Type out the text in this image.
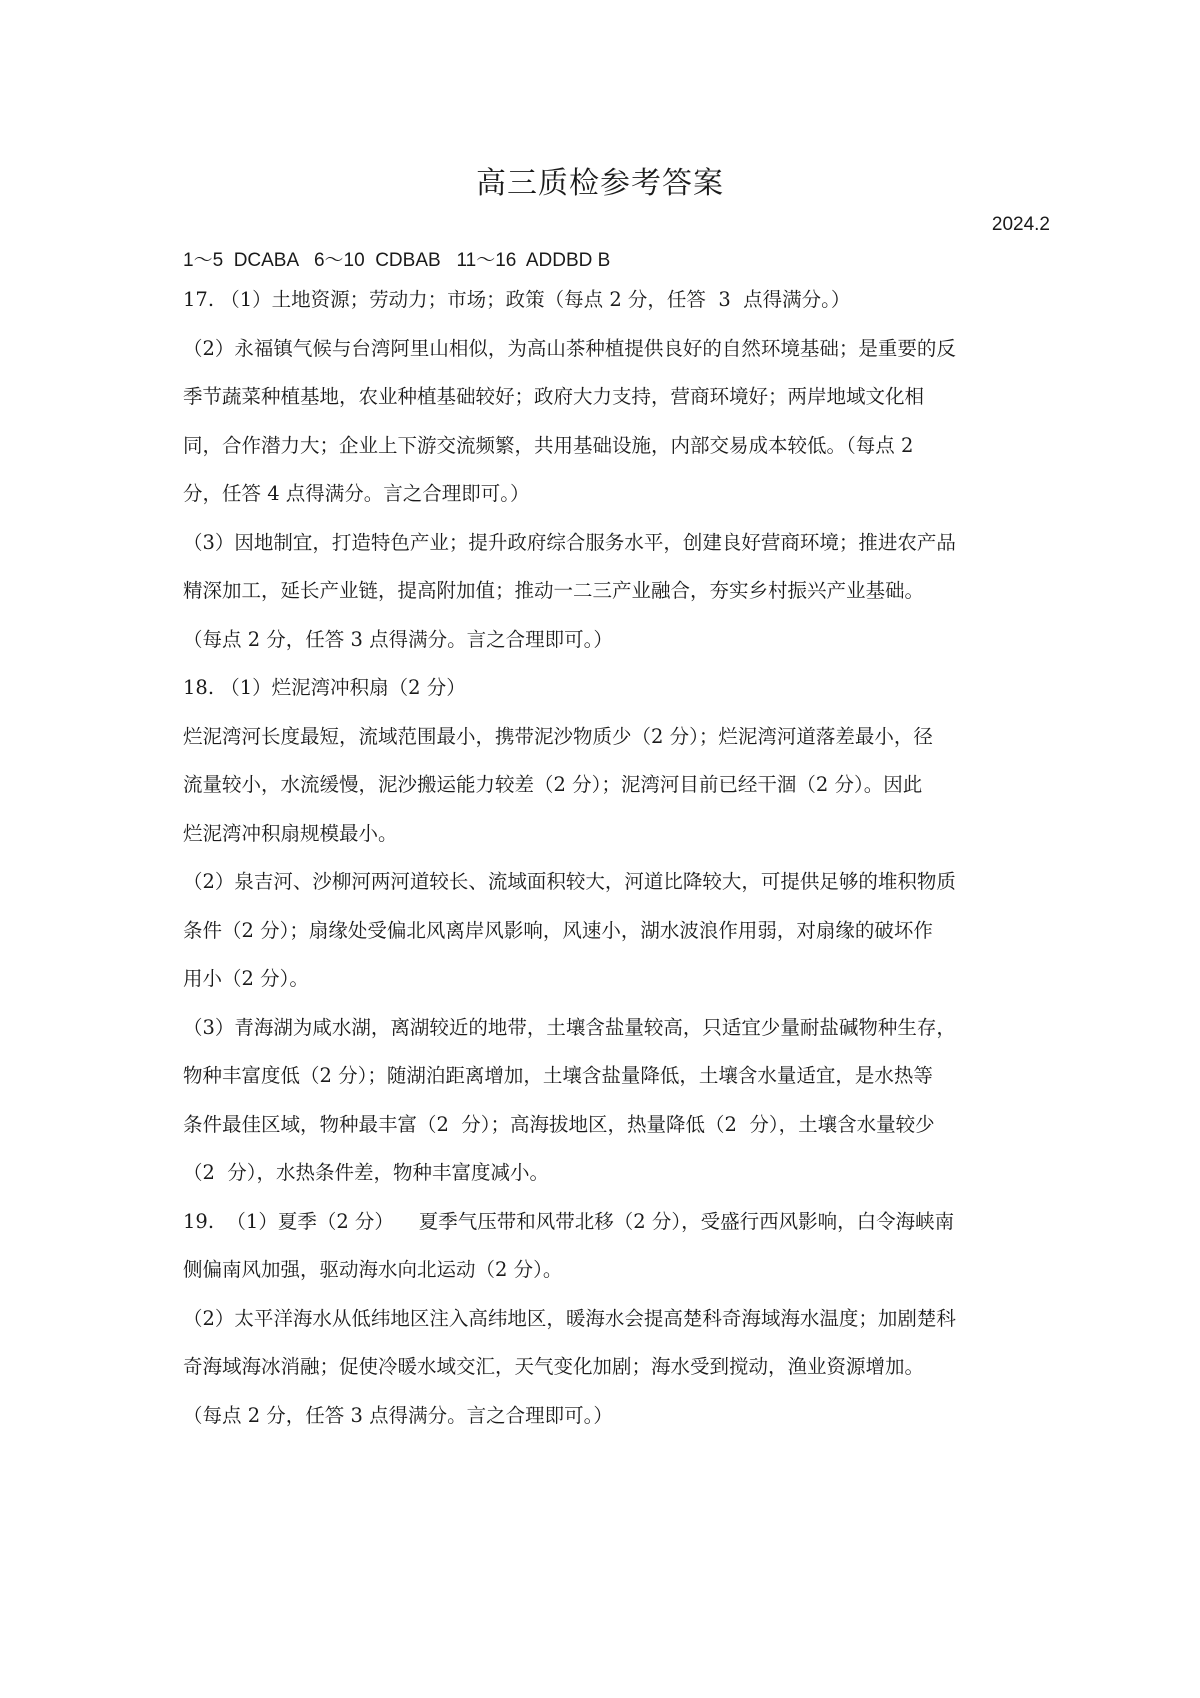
高三质检参考答案
2024.2
1～5  DCABA   6～10  CDBAB   11～16  ADDBD B
17. （1）土地资源；劳动力；市场；政策（每点 2 分，任答  3  点得满分。）
（2）永福镇气候与台湾阿里山相似，为高山茶种植提供良好的自然环境基础；是重要的反
季节蔬菜种植基地，农业种植基础较好；政府大力支持，营商环境好；两岸地域文化相
同，合作潜力大；企业上下游交流频繁，共用基础设施，内部交易成本较低。（每点 2
分，任答 4 点得满分。言之合理即可。）
（3）因地制宜，打造特色产业；提升政府综合服务水平，创建良好营商环境；推进农产品
精深加工，延长产业链，提高附加值；推动一二三产业融合，夯实乡村振兴产业基础。
（每点 2 分，任答 3 点得满分。言之合理即可。）
18. （1）烂泥湾冲积扇（2 分）
烂泥湾河长度最短，流域范围最小，携带泥沙物质少（2 分）；烂泥湾河道落差最小，径
流量较小，水流缓慢，泥沙搬运能力较差（2 分）；泥湾河目前已经干涸（2 分）。因此
烂泥湾冲积扇规模最小。
（2）泉吉河、沙柳河两河道较长、流域面积较大，河道比降较大，可提供足够的堆积物质
条件（2 分）；扇缘处受偏北风离岸风影响，风速小，湖水波浪作用弱，对扇缘的破坏作
用小（2 分）。
（3）青海湖为咸水湖，离湖较近的地带，土壤含盐量较高，只适宜少量耐盐碱物种生存，
物种丰富度低（2 分）；随湖泊距离增加，土壤含盐量降低，土壤含水量适宜，是水热等
条件最佳区域，物种最丰富（2  分）；高海拔地区，热量降低（2  分），土壤含水量较少
（2  分），水热条件差，物种丰富度减小。
19.  （1）夏季（2 分）    夏季气压带和风带北移（2 分），受盛行西风影响，白令海峡南
侧偏南风加强，驱动海水向北运动（2 分）。
（2）太平洋海水从低纬地区注入高纬地区，暖海水会提高楚科奇海域海水温度；加剧楚科
奇海域海冰消融；促使冷暖水域交汇，天气变化加剧；海水受到搅动，渔业资源增加。
（每点 2 分，任答 3 点得满分。言之合理即可。）
